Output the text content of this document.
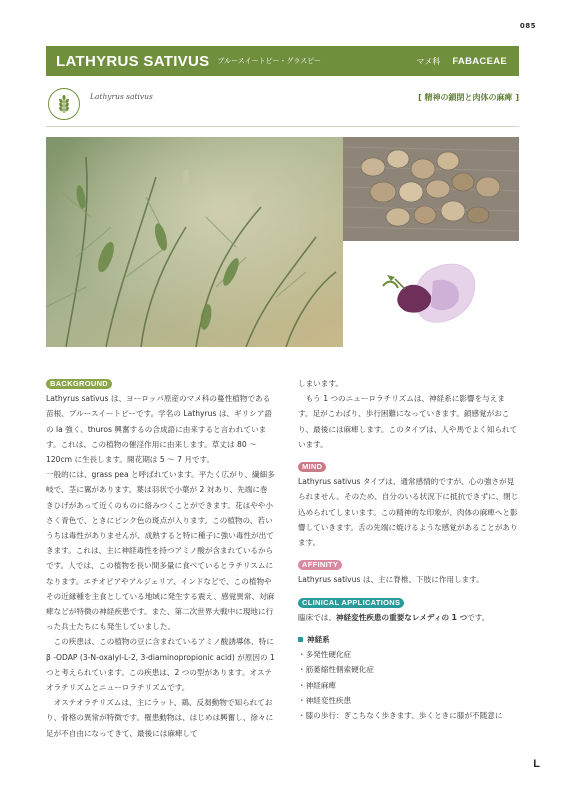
085
LATHYRUS SATIVUS ブルースイートピー・グラスピー	マメ科 FABACEAE
Lathyrus sativus	[ 精神の鎖閉と肉体の麻痺 ]
BACKGROUND

Lathyrus sativus は、ヨーロッパ原産のマメ科の蔓性植物である苗根、ブルースイートピーです。学名の Lathyrus は、ギリシア語の la 強く、thuros 興奮するの合成語に由来すると言われています。これは、この植物の催淫作用に由来します。草丈は 80 〜 120cm に生長します。開花期は 5 〜 7 月です。

一般的には、grass pea と呼ばれています。平たく広がり、繊細多岐で、茎に翼があります。葉は羽状で小葉が 2 対あり、先端に巻きひげがあって近くのものに絡みつくことができます。花はやや小さく青色で、ときにピンク色の斑点が入ります。この植物の、若いうちは毒性がありませんが、成熟すると特に種子に強い毒性が出てきます。これは、主に神経毒性を持つアミノ酸が含まれているからです。人では、この植物を長い間多量に食べているとラチリスムになります。エチオピアやアルジェリア、インドなどで、この植物やその近縁種を主食としている地域に発生する震え、感覚異常、対麻痺などが特徴の神経疾患です。また、第二次世界大戦中に現地に行った兵士たちにも発生していました。

この疾患は、この植物の豆に含まれているアミノ酸誘導体、特に β -ODAP (3-N-oxalyl-L-2, 3-diaminopropionic acid) が原因の 1 つと考えられています。この疾患は、2 つの型があります。オステオラチリズムとニューロラチリズムです。

オステオラチリズムは、主にラット、鶏、反芻動物で知られており、骨格の異常が特徴です。罹患動物は、はじめは興奮し、徐々に足が不自由になってきて、最後には麻痺して

しまいます。

もう 1 つのニューロラチリズムは、神経系に影響を与えます。足がこわばり、歩行困難になっていきます。鎖感覚がおこり、最後には麻痺します。このタイプは、人や馬でよく知られています。

MIND

Lathyrus sativus タイプは、通常感情的ですが、心の強さが見られません。そのため、自分のいる状況下に抵抗できずに、閉じ込められてしまいます。この精神的な印象が、肉体の麻痺へと影響していきます。舌の先端に焼けるような感覚があることがあります。

AFFINITY

Lathyrus sativus は、主に脊椎、下肢に作用します。

CLINICAL APPLICATIONS

臨床では、神経変性疾患の重要なレメディの 1 つです。

神経系
・多発性硬化症
・筋萎縮性側索硬化症
・神経麻痺
・神経変性疾患
・膝の歩行：ぎこちなく歩きます。歩くときに膝が不随意に
L
